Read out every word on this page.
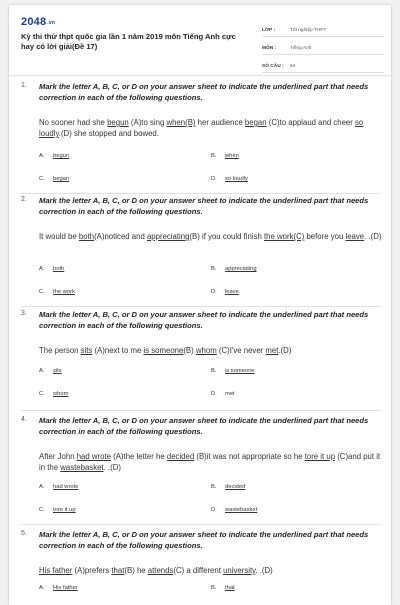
2048.vn
Kỳ thi thử thpt quốc gia lần 1 năm 2019 môn Tiếng Anh cực hay có lời giải(Đề 17)
LỚP :	Tốt nghiệp THPT
MÔN :	Tiếng Anh
SỐ CÂU :	64
1. Mark the letter A, B, C, or D on your answer sheet to indicate the underlined part that needs correction in each of the following questions.
No sooner had she begun (A)to sing when(B) her audience began (C)to applaud and cheer so loudly.(D) she stopped and bowed.
A. begun	B. when
C. began	D. so loudly
2. Mark the letter A, B, C, or D on your answer sheet to indicate the underlined part that needs correction in each of the following questions.
It would be both(A)noticed and appreciating(B) if you could finish the work(C) before you leave. .(D)
A. both	B. appreciating
C. the work	D. leave
3. Mark the letter A, B, C, or D on your answer sheet to indicate the underlined part that needs correction in each of the following questions.
The person sits (A)next to me is someone(B) whom (C)I've never met.(D)
A. sits	B. is someone
C. whom	D. met
4. Mark the letter A, B, C, or D on your answer sheet to indicate the underlined part that needs correction in each of the following questions.
After John had wrote (A)the letter he decided (B)it was not appropriate so he tore it up (C)and put it in the wastebasket. .(D)
A. had wrote	B. decided
C. tore it up	D. wastebasket
5. Mark the letter A, B, C, or D on your answer sheet to indicate the underlined part that needs correction in each of the following questions.
His father (A)prefers that(B) he attends(C) a different university. .(D)
A. His father	B. that
